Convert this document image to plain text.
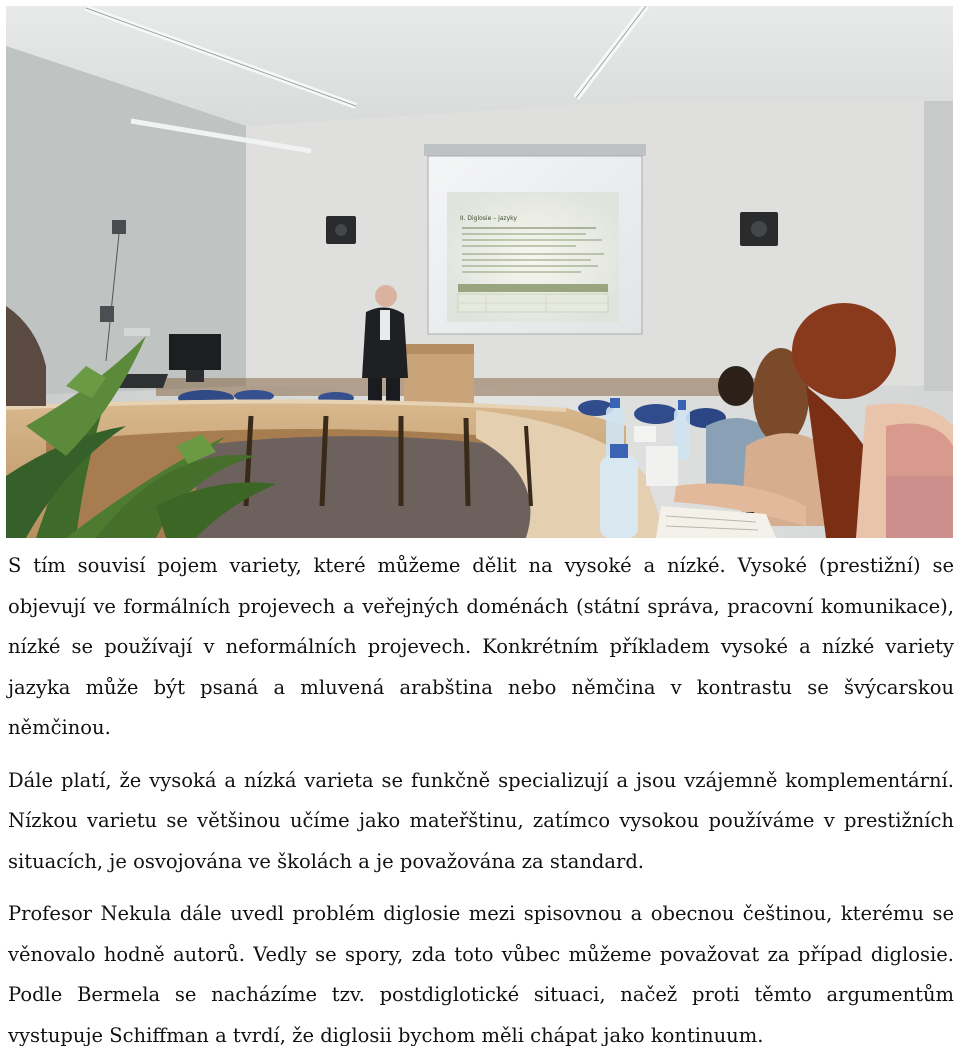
II. Diglosie – jazyky

S tím souvisí pojem variety, které můžeme dělit na vysoké a nízké. Vysoké (prestižní) se objevují ve formálních projevech a veřejných doménách (státní správa, pracovní komunikace), nízké se používají v neformálních projevech. Konkrétním příkladem vysoké a nízké variety jazyka může být psaná a mluvená arabština nebo němčina v kontrastu se švýcarskou němčinou.

Dále platí, že vysoká a nízká varieta se funkčně specializují a jsou vzájemně komplementární. Nízkou varietu se většinou učíme jako mateřštinu, zatímco vysokou používáme v prestižních situacích, je osvojována ve školách a je považována za standard.

Profesor Nekula dále uvedl problém diglosie mezi spisovnou a obecnou češtinou, kterému se věnovalo hodně autorů. Vedly se spory, zda toto vůbec můžeme považovat za případ diglosie. Podle Bermela se nacházíme tzv. postdiglotické situaci, načež proti těmto argumentům vystupuje Schiffman a tvrdí, že diglosii bychom měli chápat jako kontinuum.
